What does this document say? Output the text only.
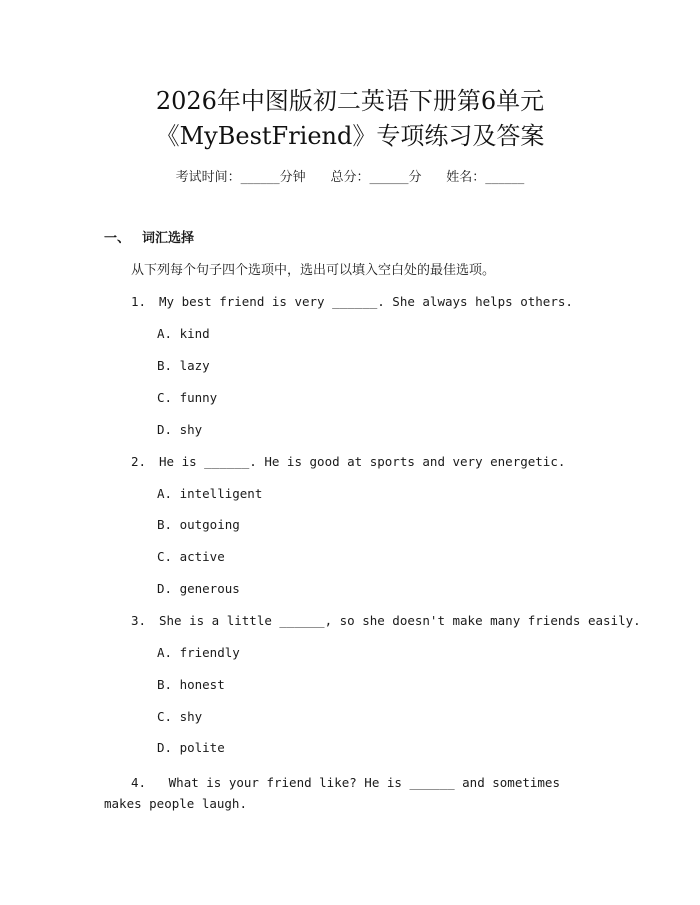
2026年中图版初二英语下册第6单元
《MyBestFriend》专项练习及答案
考试时间：______分钟 总分：______分 姓名：______
一、 词汇选择
从下列每个句子四个选项中，选出可以填入空白处的最佳选项。
1. My best friend is very ______. She always helps others.
A. kind
B. lazy
C. funny
D. shy
2. He is ______. He is good at sports and very energetic.
A. intelligent
B. outgoing
C. active
D. generous
3. She is a little ______, so she doesn't make many friends easily.
A. friendly
B. honest
C. shy
D. polite
4. What is your friend like? He is ______ and sometimes makes people laugh.
